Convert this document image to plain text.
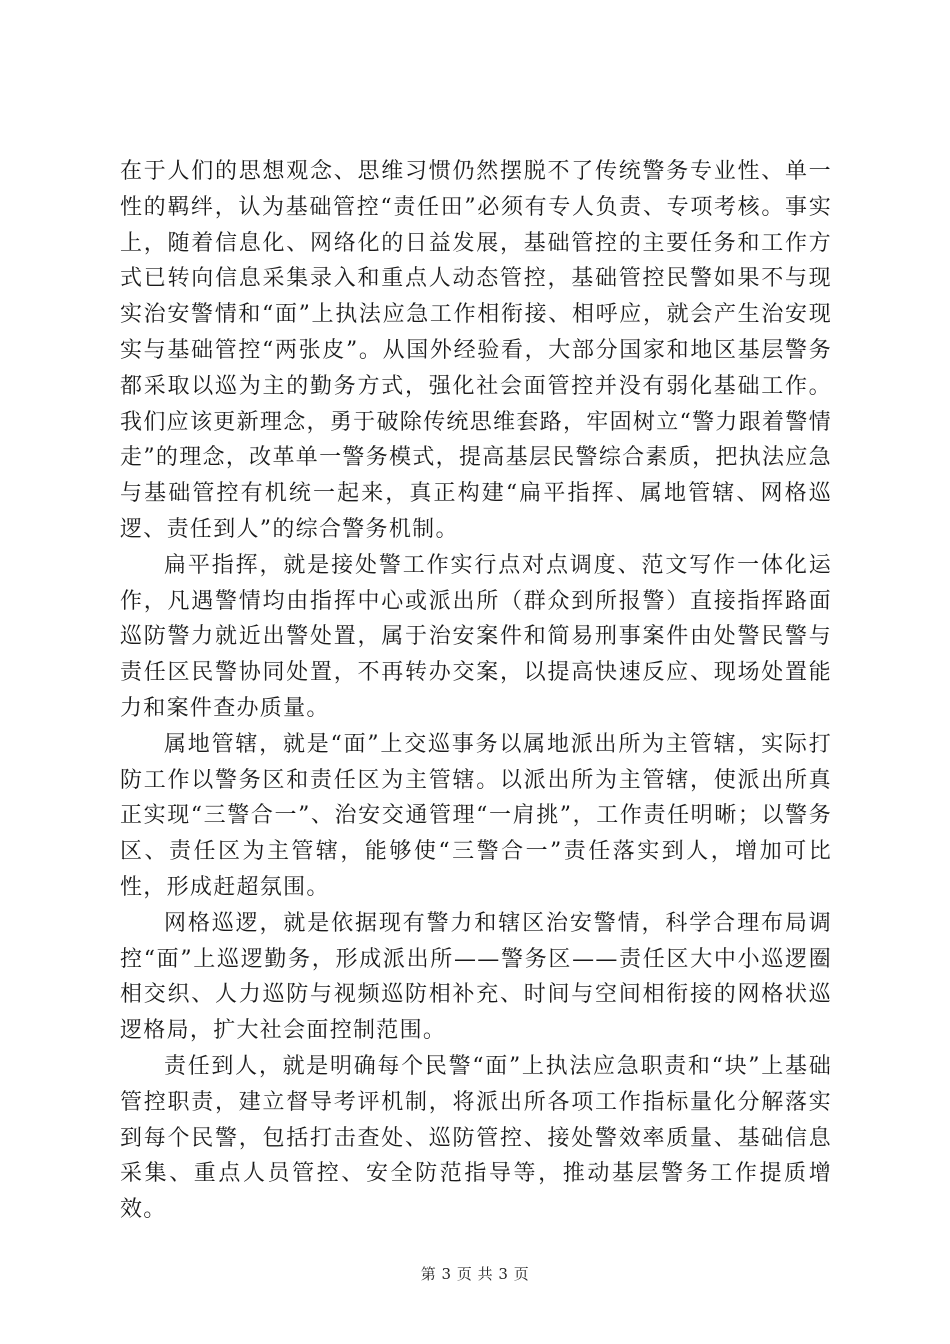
在于人们的思想观念、思维习惯仍然摆脱不了传统警务专业性、单一性的羁绊，认为基础管控“责任田”必须有专人负责、专项考核。事实上，随着信息化、网络化的日益发展，基础管控的主要任务和工作方式已转向信息采集录入和重点人动态管控，基础管控民警如果不与现实治安警情和“面”上执法应急工作相衔接、相呼应，就会产生治安现实与基础管控“两张皮”。从国外经验看，大部分国家和地区基层警务都采取以巡为主的勤务方式，强化社会面管控并没有弱化基础工作。我们应该更新理念，勇于破除传统思维套路，牢固树立“警力跟着警情走”的理念，改革单一警务模式，提高基层民警综合素质，把执法应急与基础管控有机统一起来，真正构建“扁平指挥、属地管辖、网格巡逻、责任到人”的综合警务机制。

扁平指挥，就是接处警工作实行点对点调度、范文写作一体化运作，凡遇警情均由指挥中心或派出所（群众到所报警）直接指挥路面巡防警力就近出警处置，属于治安案件和简易刑事案件由处警民警与责任区民警协同处置，不再转办交案，以提高快速反应、现场处置能力和案件查办质量。

属地管辖，就是“面”上交巡事务以属地派出所为主管辖，实际打防工作以警务区和责任区为主管辖。以派出所为主管辖，使派出所真正实现“三警合一”、治安交通管理“一肩挑”，工作责任明晰；以警务区、责任区为主管辖，能够使“三警合一”责任落实到人，增加可比性，形成赶超氛围。

网格巡逻，就是依据现有警力和辖区治安警情，科学合理布局调控“面”上巡逻勤务，形成派出所——警务区——责任区大中小巡逻圈相交织、人力巡防与视频巡防相补充、时间与空间相衔接的网格状巡逻格局，扩大社会面控制范围。

责任到人，就是明确每个民警“面”上执法应急职责和“块”上基础管控职责，建立督导考评机制，将派出所各项工作指标量化分解落实到每个民警，包括打击查处、巡防管控、接处警效率质量、基础信息采集、重点人员管控、安全防范指导等，推动基层警务工作提质增效。

第 3 页 共 3 页
